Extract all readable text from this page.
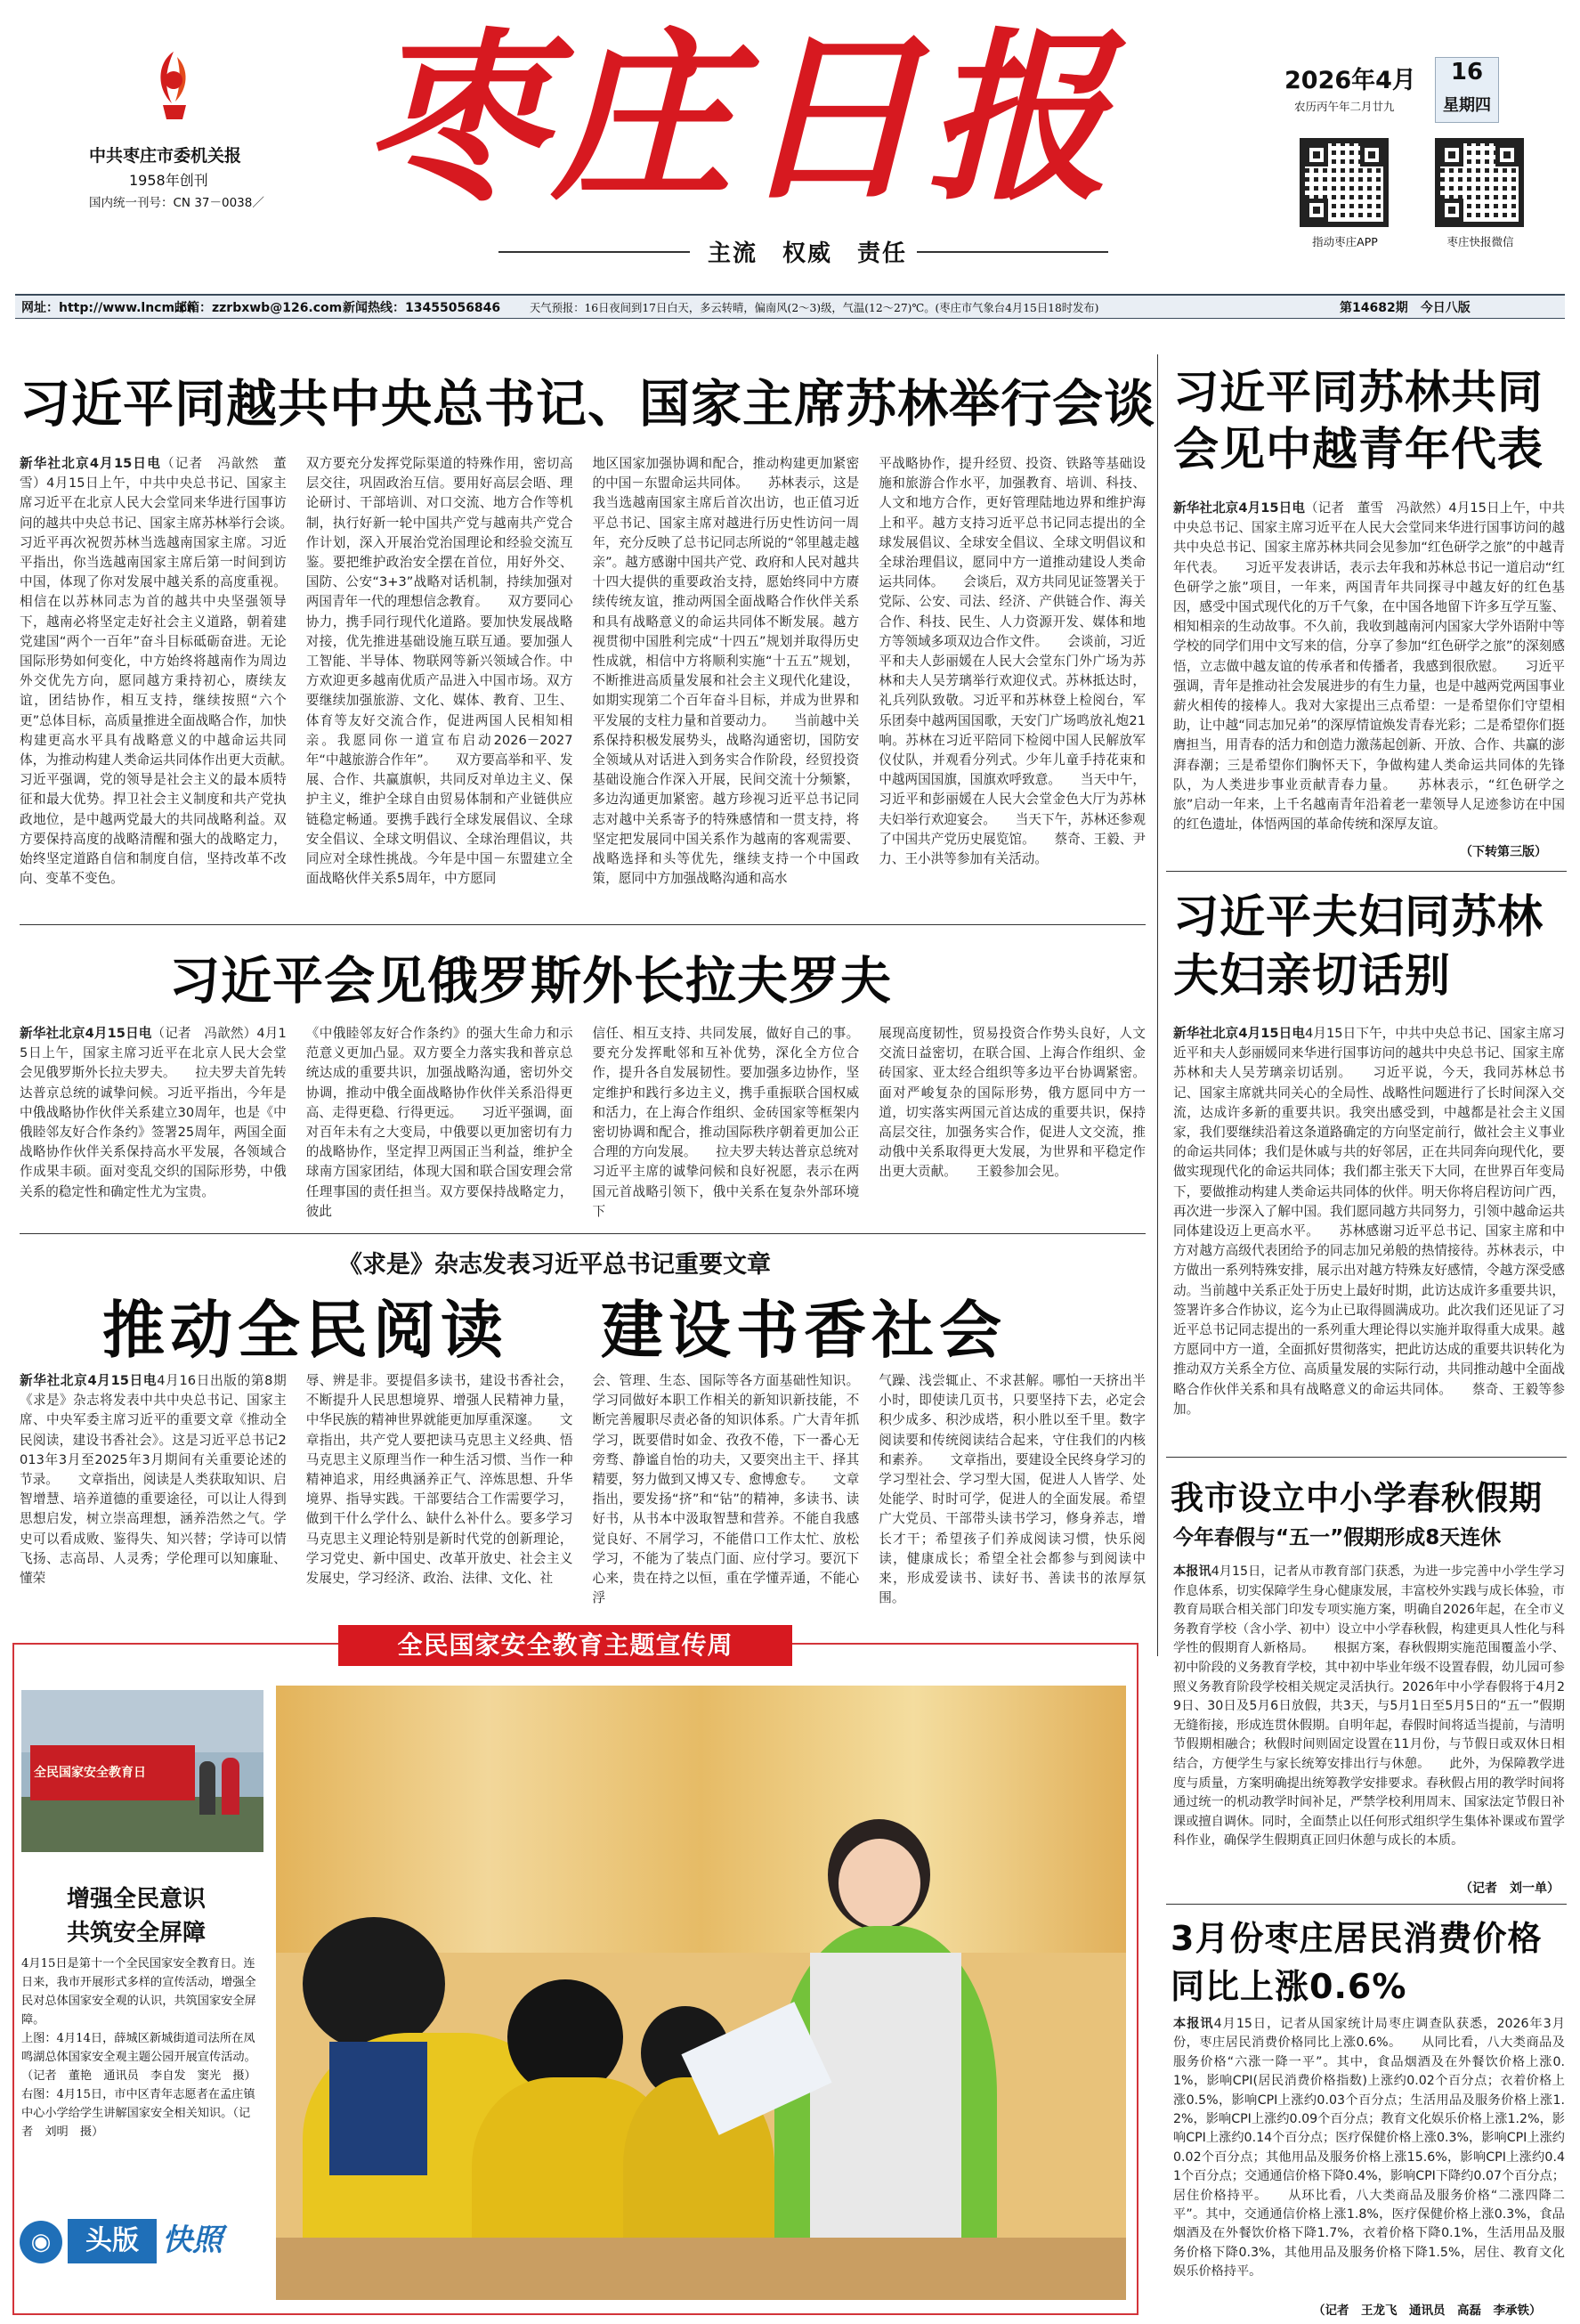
中共枣庄市委机关报
1958年创刊
国内统一刊号：CN 37－0038／ 枣庄日报
主流　权威　责任
2026年4月	16
星期四
农历丙午年二月廿九
指动枣庄APP	枣庄快报微信
网址：http://www.lncm.cn
邮箱：zzrbxwb@126.com 新闻热线：13455056846	天气预报：16日夜间到17日白天，多云转晴，偏南风(2～3)级，气温(12～27)℃。(枣庄市气象台4月15日18时发布)	第14682期　今日八版
习近平同越共中央总书记、国家主席苏林举行会谈
新华社北京4月15日电（记者　冯歆然　董雪）4月15日上午，中共中央总书记、国家主席习近平在北京人民大会堂同来华进行国事访问的越共中央总书记、国家主席苏林举行会谈。　　习近平再次祝贺苏林当选越南国家主席。习近平指出，你当选越南国家主席后第一时间到访中国，体现了你对发展中越关系的高度重视。相信在以苏林同志为首的越共中央坚强领导下，越南必将坚定走好社会主义道路，朝着建党建国“两个一百年”奋斗目标砥砺奋进。无论国际形势如何变化，中方始终将越南作为周边外交优先方向，愿同越方秉持初心，赓续友谊，团结协作，相互支持，继续按照“六个更”总体目标，高质量推进全面战略合作，加快构建更高水平具有战略意义的中越命运共同体，为推动构建人类命运共同体作出更大贡献。　　习近平强调，党的领导是社会主义的最本质特征和最大优势。捍卫社会主义制度和共产党执政地位，是中越两党最大的共同战略利益。双方要保持高度的战略清醒和强大的战略定力，始终坚定道路自信和制度自信，坚持改革不改向、变革不变色。
双方要充分发挥党际渠道的特殊作用，密切高层交往，巩固政治互信。要用好高层会晤、理论研讨、干部培训、对口交流、地方合作等机制，执行好新一轮中国共产党与越南共产党合作计划，深入开展治党治国理论和经验交流互鉴。要把维护政治安全摆在首位，用好外交、国防、公安“3+3”战略对话机制，持续加强对两国青年一代的理想信念教育。　　双方要同心协力，携手同行现代化道路。要加快发展战略对接，优先推进基础设施互联互通。要加强人工智能、半导体、物联网等新兴领域合作。中方欢迎更多越南优质产品进入中国市场。双方要继续加强旅游、文化、媒体、教育、卫生、体育等友好交流合作，促进两国人民相知相亲。我愿同你一道宣布启动2026－2027年“中越旅游合作年”。　　双方要高举和平、发展、合作、共赢旗帜，共同反对单边主义、保护主义，维护全球自由贸易体制和产业链供应链稳定畅通。要携手践行全球发展倡议、全球安全倡议、全球文明倡议、全球治理倡议，共同应对全球性挑战。今年是中国－东盟建立全面战略伙伴关系5周年，中方愿同
地区国家加强协调和配合，推动构建更加紧密的中国－东盟命运共同体。　　苏林表示，这是我当选越南国家主席后首次出访，也正值习近平总书记、国家主席对越进行历史性访问一周年，充分反映了总书记同志所说的“邻里越走越亲”。越方感谢中国共产党、政府和人民对越共十四大提供的重要政治支持，愿始终同中方赓续传统友谊，推动两国全面战略合作伙伴关系和具有战略意义的命运共同体不断发展。越方视贯彻中国胜利完成“十四五”规划并取得历史性成就，相信中方将顺利实施“十五五”规划，不断推进高质量发展和社会主义现代化建设，如期实现第二个百年奋斗目标，并成为世界和平发展的支柱力量和首要动力。　　当前越中关系保持积极发展势头，战略沟通密切，国防安全领域从对话进入到务实合作阶段，经贸投资基础设施合作深入开展，民间交流十分频繁，多边沟通更加紧密。越方珍视习近平总书记同志对越中关系寄予的特殊感情和一贯支持，将坚定把发展同中国关系作为越南的客观需要、战略选择和头等优先，继续支持一个中国政策，愿同中方加强战略沟通和高水
平战略协作，提升经贸、投资、铁路等基础设施和旅游合作水平，加强教育、培训、科技、人文和地方合作，更好管理陆地边界和维护海上和平。越方支持习近平总书记同志提出的全球发展倡议、全球安全倡议、全球文明倡议和全球治理倡议，愿同中方一道推动建设人类命运共同体。　　会谈后，双方共同见证签署关于党际、公安、司法、经济、产供链合作、海关合作、科技、民生、人力资源开发、媒体和地方等领域多项双边合作文件。　　会谈前，习近平和夫人彭丽媛在人民大会堂东门外广场为苏林和夫人吴芳璃举行欢迎仪式。苏林抵达时，礼兵列队致敬。习近平和苏林登上检阅台，军乐团奏中越两国国歌，天安门广场鸣放礼炮21响。苏林在习近平陪同下检阅中国人民解放军仪仗队，并观看分列式。少年儿童手持花束和中越两国国旗，国旗欢呼致意。　　当天中午，习近平和彭丽媛在人民大会堂金色大厅为苏林夫妇举行欢迎宴会。　　当天下午，苏林还参观了中国共产党历史展览馆。　　蔡奇、王毅、尹力、王小洪等参加有关活动。
习近平同苏林共同会见中越青年代表
新华社北京4月15日电（记者　董雪　冯歆然）4月15日上午，中共中央总书记、国家主席习近平在人民大会堂同来华进行国事访问的越共中央总书记、国家主席苏林共同会见参加“红色研学之旅”的中越青年代表。　　习近平发表讲话，表示去年我和苏林总书记一道启动“红色研学之旅”项目，一年来，两国青年共同探寻中越友好的红色基因，感受中国式现代化的万千气象，在中国各地留下许多互学互鉴、相知相亲的生动故事。不久前，我收到越南河内国家大学外语附中等学校的同学们用中文写来的信，分享了参加“红色研学之旅”的深刻感悟，立志做中越友谊的传承者和传播者，我感到很欣慰。　　习近平强调，青年是推动社会发展进步的有生力量，也是中越两党两国事业薪火相传的接棒人。我对大家提出三点希望：一是希望你们守望相助，让中越“同志加兄弟”的深厚情谊焕发青春光彩；二是希望你们挺膺担当，用青春的活力和创造力激荡起创新、开放、合作、共赢的澎湃春潮；三是希望你们胸怀天下，争做构建人类命运共同体的先锋队，为人类进步事业贡献青春力量。　　苏林表示，“红色研学之旅”启动一年来，上千名越南青年沿着老一辈领导人足迹参访在中国的红色遗址，体悟两国的革命传统和深厚友谊。
（下转第三版）
习近平会见俄罗斯外长拉夫罗夫
新华社北京4月15日电（记者　冯歆然）4月15日上午，国家主席习近平在北京人民大会堂会见俄罗斯外长拉夫罗夫。　　拉夫罗夫首先转达普京总统的诚挚问候。习近平指出，今年是中俄战略协作伙伴关系建立30周年，也是《中俄睦邻友好合作条约》签署25周年，两国全面战略协作伙伴关系保持高水平发展，各领域合作成果丰硕。面对变乱交织的国际形势，中俄关系的稳定性和确定性尤为宝贵。
《中俄睦邻友好合作条约》的强大生命力和示范意义更加凸显。双方要全力落实我和普京总统达成的重要共识，加强战略沟通，密切外交协调，推动中俄全面战略协作伙伴关系沿得更高、走得更稳、行得更远。　　习近平强调，面对百年未有之大变局，中俄要以更加密切有力的战略协作，坚定捍卫两国正当利益，维护全球南方国家团结，体现大国和联合国安理会常任理事国的责任担当。双方要保持战略定力，彼此
信任、相互支持、共同发展，做好自己的事。要充分发挥毗邻和互补优势，深化全方位合作，提升各自发展韧性。要加强多边协作，坚定维护和践行多边主义，携手重振联合国权威和活力，在上海合作组织、金砖国家等框架内密切协调和配合，推动国际秩序朝着更加公正合理的方向发展。　　拉夫罗夫转达普京总统对习近平主席的诚挚问候和良好祝愿，表示在两国元首战略引领下，俄中关系在复杂外部环境下
展现高度韧性，贸易投资合作势头良好，人文交流日益密切，在联合国、上海合作组织、金砖国家、亚太经合组织等多边平台协调紧密。面对严峻复杂的国际形势，俄方愿同中方一道，切实落实两国元首达成的重要共识，保持高层交往，加强务实合作，促进人文交流，推动俄中关系取得更大发展，为世界和平稳定作出更大贡献。　　王毅参加会见。
习近平夫妇同苏林夫妇亲切话别
新华社北京4月15日电4月15日下午，中共中央总书记、国家主席习近平和夫人彭丽媛同来华进行国事访问的越共中央总书记、国家主席苏林和夫人吴芳璃亲切话别。　　习近平说，今天，我同苏林总书记、国家主席就共同关心的全局性、战略性问题进行了长时间深入交流，达成许多新的重要共识。我突出感受到，中越都是社会主义国家，我们要继续沿着这条道路确定的方向坚定前行，做社会主义事业的命运共同体；我们是休戚与共的好邻居，正在共同奔向现代化，要做实现现代化的命运共同体；我们都主张天下大同，在世界百年变局下，要做推动构建人类命运共同体的伙伴。明天你将启程访问广西，再次进一步深入了解中国。我们愿同越方共同努力，引领中越命运共同体建设迈上更高水平。　　苏林感谢习近平总书记、国家主席和中方对越方高级代表团给予的同志加兄弟般的热情接待。苏林表示，中方做出一系列特殊安排，展示出对越方特殊友好感情，令越方深受感动。当前越中关系正处于历史上最好时期，此访达成许多重要共识，签署许多合作协议，迄今为止已取得圆满成功。此次我们还见证了习近平总书记同志提出的一系列重大理论得以实施并取得重大成果。越方愿同中方一道，全面抓好贯彻落实，把此访达成的重要共识转化为推动双方关系全方位、高质量发展的实际行动，共同推动越中全面战略合作伙伴关系和具有战略意义的命运共同体。　　蔡奇、王毅等参加。
《求是》杂志发表习近平总书记重要文章
推动全民阅读 建设书香社会
新华社北京4月15日电4月16日出版的第8期《求是》杂志将发表中共中央总书记、国家主席、中央军委主席习近平的重要文章《推动全民阅读，建设书香社会》。这是习近平总书记2013年3月至2025年3月期间有关重要论述的节录。　　文章指出，阅读是人类获取知识、启智增慧、培养道德的重要途径，可以让人得到思想启发，树立崇高理想，涵养浩然之气。学史可以看成败、鉴得失、知兴替；学诗可以情飞扬、志高昂、人灵秀；学伦理可以知廉耻、懂荣
辱、辨是非。要提倡多读书，建设书香社会，不断提升人民思想境界、增强人民精神力量，中华民族的精神世界就能更加厚重深邃。　　文章指出，共产党人要把读马克思主义经典、悟马克思主义原理当作一种生活习惯、当作一种精神追求，用经典涵养正气、淬炼思想、升华境界、指导实践。干部要结合工作需要学习，做到干什么学什么、缺什么补什么。要多学习马克思主义理论特别是新时代党的创新理论，学习党史、新中国史、改革开放史、社会主义发展史，学习经济、政治、法律、文化、社
会、管理、生态、国际等各方面基础性知识。学习同做好本职工作相关的新知识新技能，不断完善履职尽责必备的知识体系。广大青年抓学习，既要借时如金、孜孜不倦，下一番心无旁骛、静谧自怡的功夫，又要突出主干、择其精要，努力做到又博又专、愈博愈专。　　文章指出，要发扬“挤”和“钻”的精神，多读书、读好书，从书本中汲取智慧和营养。不能自我感觉良好、不屑学习，不能借口工作太忙、放松学习，不能为了装点门面、应付学习。要沉下心来，贵在持之以恒，重在学懂弄通，不能心浮
气躁、浅尝辄止、不求甚解。哪怕一天挤出半小时，即使读几页书，只要坚持下去，必定会积少成多、积沙成塔，积小胜以至千里。数字阅读要和传统阅读结合起来，守住我们的内核和素养。　　文章指出，要建设全民终身学习的学习型社会、学习型大国，促进人人皆学、处处能学、时时可学，促进人的全面发展。希望广大党员、干部带头读书学习，修身养志，增长才干；希望孩子们养成阅读习惯，快乐阅读，健康成长；希望全社会都参与到阅读中来，形成爱读书、读好书、善读书的浓厚氛围。
全民国家安全教育主题宣传周
全民国家安全教育日
增强全民意识
共筑安全屏障
4月15日是第十一个全民国家安全教育日。连日来，我市开展形式多样的宣传活动，增强全民对总体国家安全观的认识，共筑国家安全屏障。
上图：4月14日，薛城区新城街道司法所在凤鸣湖总体国家安全观主题公园开展宣传活动。（记者　董艳　通讯员　李自发　窦光　摄）
右图：4月15日，市中区青年志愿者在孟庄镇中心小学给学生讲解国家安全相关知识。（记者　刘明　摄）
◉	头版 快照
我市设立中小学春秋假期
今年春假与“五一”假期形成8天连休
本报讯4月15日，记者从市教育部门获悉，为进一步完善中小学生学习作息体系，切实保障学生身心健康发展，丰富校外实践与成长体验，市教育局联合相关部门印发专项实施方案，明确自2026年起，在全市义务教育学校（含小学、初中）设立中小学春秋假，构建更具人性化与科学性的假期育人新格局。　　根据方案，春秋假期实施范围覆盖小学、初中阶段的义务教育学校，其中初中毕业年级不设置春假，幼儿园可参照义务教育阶段学校相关规定灵活执行。2026年中小学春假将于4月29日、30日及5月6日放假，共3天，与5月1日至5月5日的“五一”假期无缝衔接，形成连贯休假期。自明年起，春假时间将适当提前，与清明节假期相融合；秋假时间则固定设置在11月份，与节假日或双休日相结合，方便学生与家长统筹安排出行与休憩。　　此外，为保障教学进度与质量，方案明确提出统筹教学安排要求。春秋假占用的教学时间将通过统一的机动教学时间补足，严禁学校利用周末、国家法定节假日补课或擅自调休。同时，全面禁止以任何形式组织学生集体补课或布置学科作业，确保学生假期真正回归休憩与成长的本质。
（记者　刘一单）
3月份枣庄居民消费价格同比上涨0.6%
本报讯4月15日，记者从国家统计局枣庄调查队获悉，2026年3月份，枣庄居民消费价格同比上涨0.6%。　　从同比看，八大类商品及服务价格“六涨一降一平”。其中，食品烟酒及在外餐饮价格上涨0.1%，影响CPI(居民消费价格指数)上涨约0.02个百分点；衣着价格上涨0.5%，影响CPI上涨约0.03个百分点；生活用品及服务价格上涨1.2%，影响CPI上涨约0.09个百分点；教育文化娱乐价格上涨1.2%，影响CPI上涨约0.14个百分点；医疗保健价格上涨0.3%，影响CPI上涨约0.02个百分点；其他用品及服务价格上涨15.6%，影响CPI上涨约0.41个百分点；交通通信价格下降0.4%，影响CPI下降约0.07个百分点；居住价格持平。　　从环比看，八大类商品及服务价格“二涨四降二平”。其中，交通通信价格上涨1.8%，医疗保健价格上涨0.3%，食品烟酒及在外餐饮价格下降1.7%，衣着价格下降0.1%，生活用品及服务价格下降0.3%，其他用品及服务价格下降1.5%，居住、教育文化娱乐价格持平。
（记者　王龙飞　通讯员　高磊　李承铁）
